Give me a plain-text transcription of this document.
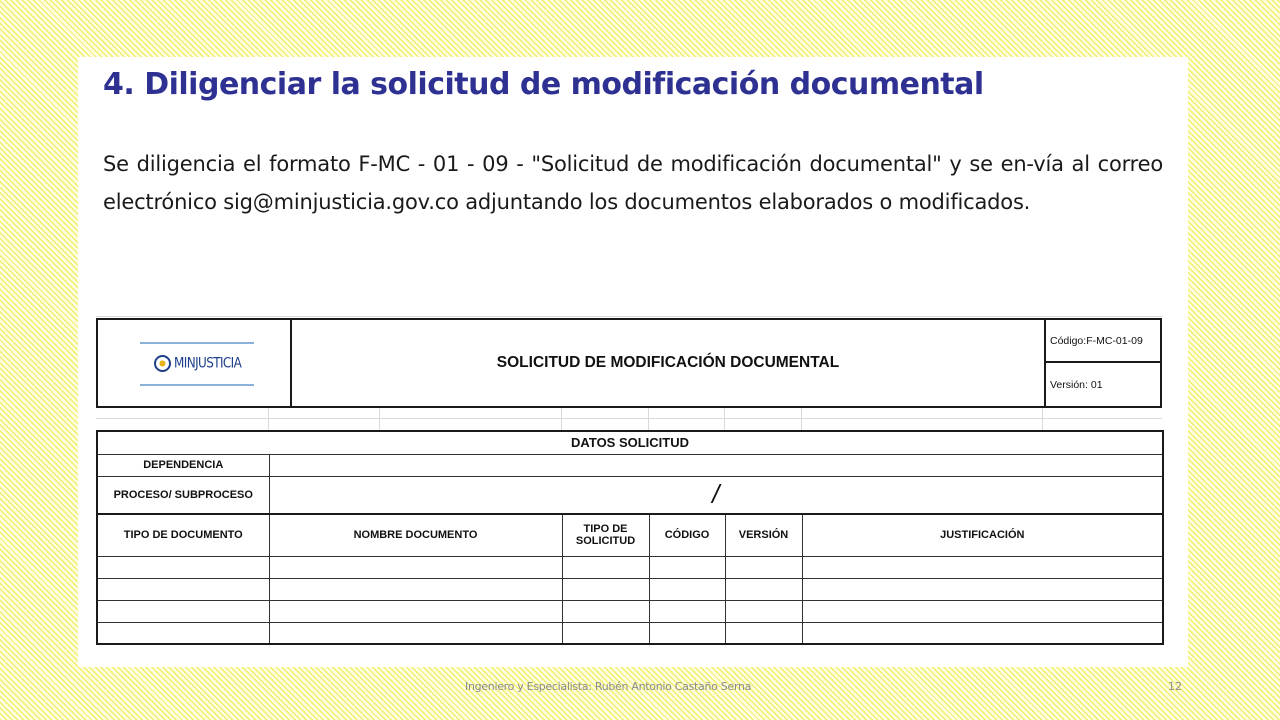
4. Diligenciar la solicitud de modificación documental

Se diligencia el formato F-MC - 01 - 09 - "Solicitud de modificación documental" y se en-vía al correo electrónico sig@minjusticia.gov.co adjuntando los documentos elaborados o modificados.

MINJUSTICIA	SOLICITUD DE MODIFICACIÓN DOCUMENTAL
Código:F-MC-01-09
Versión: 01
DATOS SOLICITUD					
DEPENDENCIA					
PROCESO/ SUBPROCESO	/				
TIPO DE DOCUMENTO	NOMBRE DOCUMENTO	TIPO DE SOLICITUD	CÓDIGO	VERSIÓN	JUSTIFICACIÓN

Ingeniero y Especialista: Rubén Antonio Castaño Serna	12
